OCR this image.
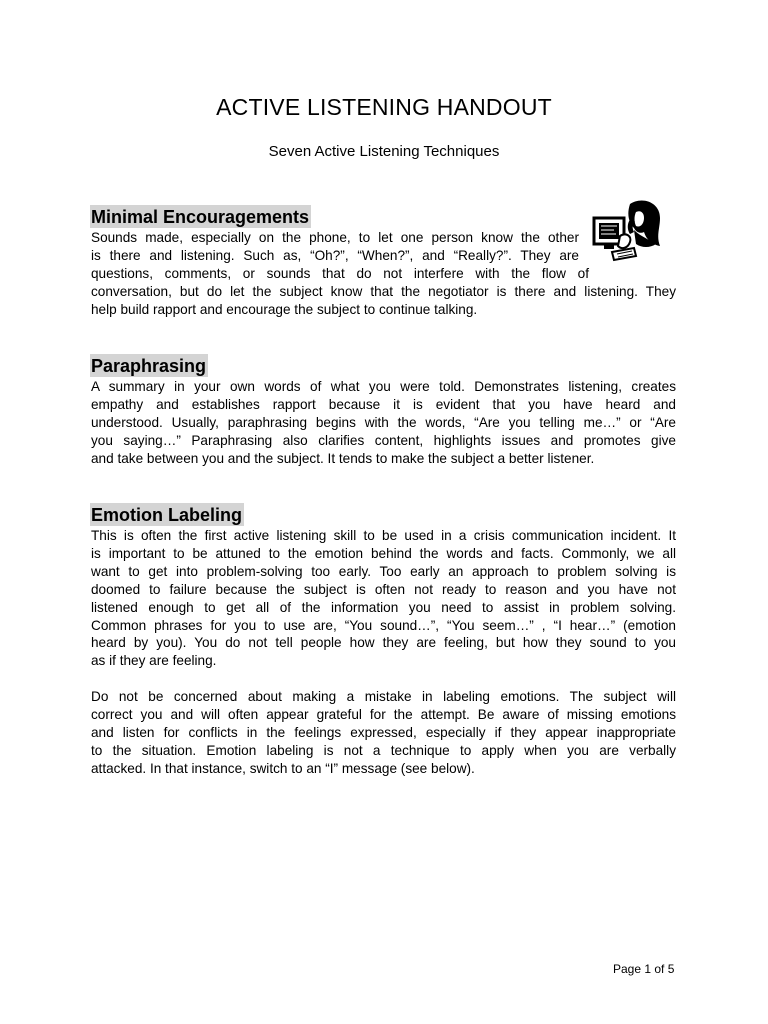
ACTIVE LISTENING HANDOUT

Seven Active Listening Techniques

Minimal Encouragements
Sounds made, especially on the phone, to let one person know the other
is there and listening. Such as, “Oh?”, “When?”, and “Really?”. They are
questions, comments, or sounds that do not interfere with the flow of
conversation, but do let the subject know that the negotiator is there and listening. They
help build rapport and encourage the subject to continue talking.
Paraphrasing
A summary in your own words of what you were told. Demonstrates listening, creates
empathy and establishes rapport because it is evident that you have heard and
understood. Usually, paraphrasing begins with the words, “Are you telling me…” or “Are
you saying…” Paraphrasing also clarifies content, highlights issues and promotes give
and take between you and the subject. It tends to make the subject a better listener.
Emotion Labeling
This is often the first active listening skill to be used in a crisis communication incident. It
is important to be attuned to the emotion behind the words and facts. Commonly, we all
want to get into problem-solving too early. Too early an approach to problem solving is
doomed to failure because the subject is often not ready to reason and you have not
listened enough to get all of the information you need to assist in problem solving.
Common phrases for you to use are, “You sound…”, “You seem…” , “I hear…” (emotion
heard by you). You do not tell people how they are feeling, but how they sound to you
as if they are feeling.
Do not be concerned about making a mistake in labeling emotions. The subject will
correct you and will often appear grateful for the attempt. Be aware of missing emotions
and listen for conflicts in the feelings expressed, especially if they appear inappropriate
to the situation. Emotion labeling is not a technique to apply when you are verbally
attacked. In that instance, switch to an “I” message (see below).
Page 1 of 5
